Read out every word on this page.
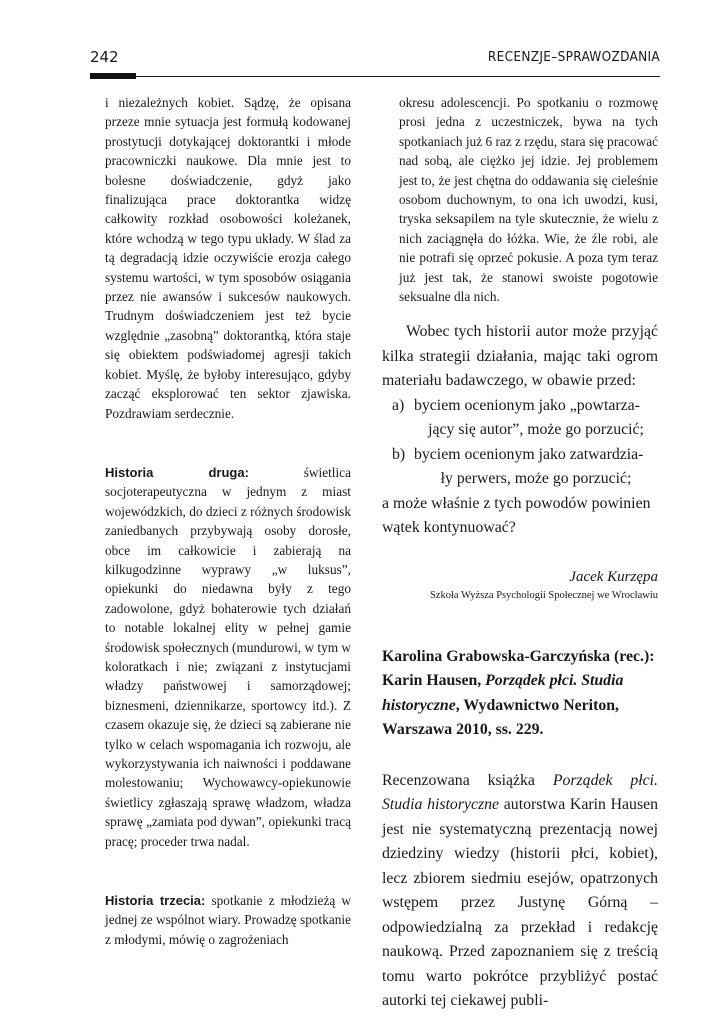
242	RECENZJE–SPRAWOZDANIA

i niezależnych kobiet. Sądzę, że opisana przeze mnie sytuacja jest formułą kodowanej prostytucji dotykającej doktorantki i młode pracowniczki naukowe. Dla mnie jest to bolesne doświadczenie, gdyż jako finalizująca prace doktorantka widzę całkowity rozkład osobowości koleżanek, które wchodzą w tego typu układy. W ślad za tą degradacją idzie oczywiście erozja całego systemu wartości, w tym sposobów osiągania przez nie awansów i sukcesów naukowych. Trudnym doświadczeniem jest też bycie względnie „zasobną” doktorantką, która staje się obiektem podświadomej agresji takich kobiet. Myślę, że byłoby interesująco, gdyby zacząć eksplorować ten sektor zjawiska. Pozdrawiam serdecznie.

Historia druga: świetlica socjoterapeutyczna w jednym z miast wojewódzkich, do dzieci z różnych środowisk zaniedbanych przybywają osoby dorosłe, obce im całkowicie i zabierają na kilkugodzinne wyprawy „w luksus”, opiekunki do niedawna były z tego zadowolone, gdyż bohaterowie tych działań to notable lokalnej elity w pełnej gamie środowisk społecznych (mundurowi, w tym w koloratkach i nie; związani z instytucjami władzy państwowej i samorządowej; biznesmeni, dziennikarze, sportowcy itd.). Z czasem okazuje się, że dzieci są zabierane nie tylko w celach wspomagania ich rozwoju, ale wykorzystywania ich naiwności i poddawane molestowaniu; Wychowawcy-opiekunowie świetlicy zgłaszają sprawę władzom, władza sprawę „zamiata pod dywan”, opiekunki tracą pracę; proceder trwa nadal.

Historia trzecia: spotkanie z młodzieżą w jednej ze wspólnot wiary. Prowadzę spotkanie z młodymi, mówię o zagrożeniach

okresu adolescencji. Po spotkaniu o rozmowę prosi jedna z uczestniczek, bywa na tych spotkaniach już 6 raz z rzędu, stara się pracować nad sobą, ale ciężko jej idzie. Jej problemem jest to, że jest chętna do oddawania się cieleśnie osobom duchownym, to ona ich uwodzi, kusi, tryska seksapilem na tyle skutecznie, że wielu z nich zaciągnęła do łóżka. Wie, że źle robi, ale nie potrafi się oprzeć pokusie. A poza tym teraz już jest tak, że stanowi swoiste pogotowie seksualne dla nich.

Wobec tych historii autor może przyjąć kilka strategii działania, mając taki ogrom materiału badawczego, w obawie przed:

a) byciem ocenionym jako „powtarza-
jący się autor”, może go porzucić;
b) byciem ocenionym jako zatwardzia-
ły perwers, może go porzucić;

a może właśnie z tych powodów powinien wątek kontynuować?

Jacek Kurzępa
Szkoła Wyższa Psychologii Społecznej we Wrocławiu

Karolina Grabowska-Garczyńska (rec.): Karin Hausen, Porządek płci. Studia historyczne, Wydawnictwo Neriton, Warszawa 2010, ss. 229.

Recenzowana książka Porządek płci. Studia historyczne autorstwa Karin Hausen jest nie systematyczną prezentacją nowej dziedziny wiedzy (historii płci, kobiet), lecz zbiorem siedmiu esejów, opatrzonych wstępem przez Justynę Górną – odpowiedzialną za przekład i redakcję naukową. Przed zapoznaniem się z treścią tomu warto pokrótce przybliżyć postać autorki tej ciekawej publi-
